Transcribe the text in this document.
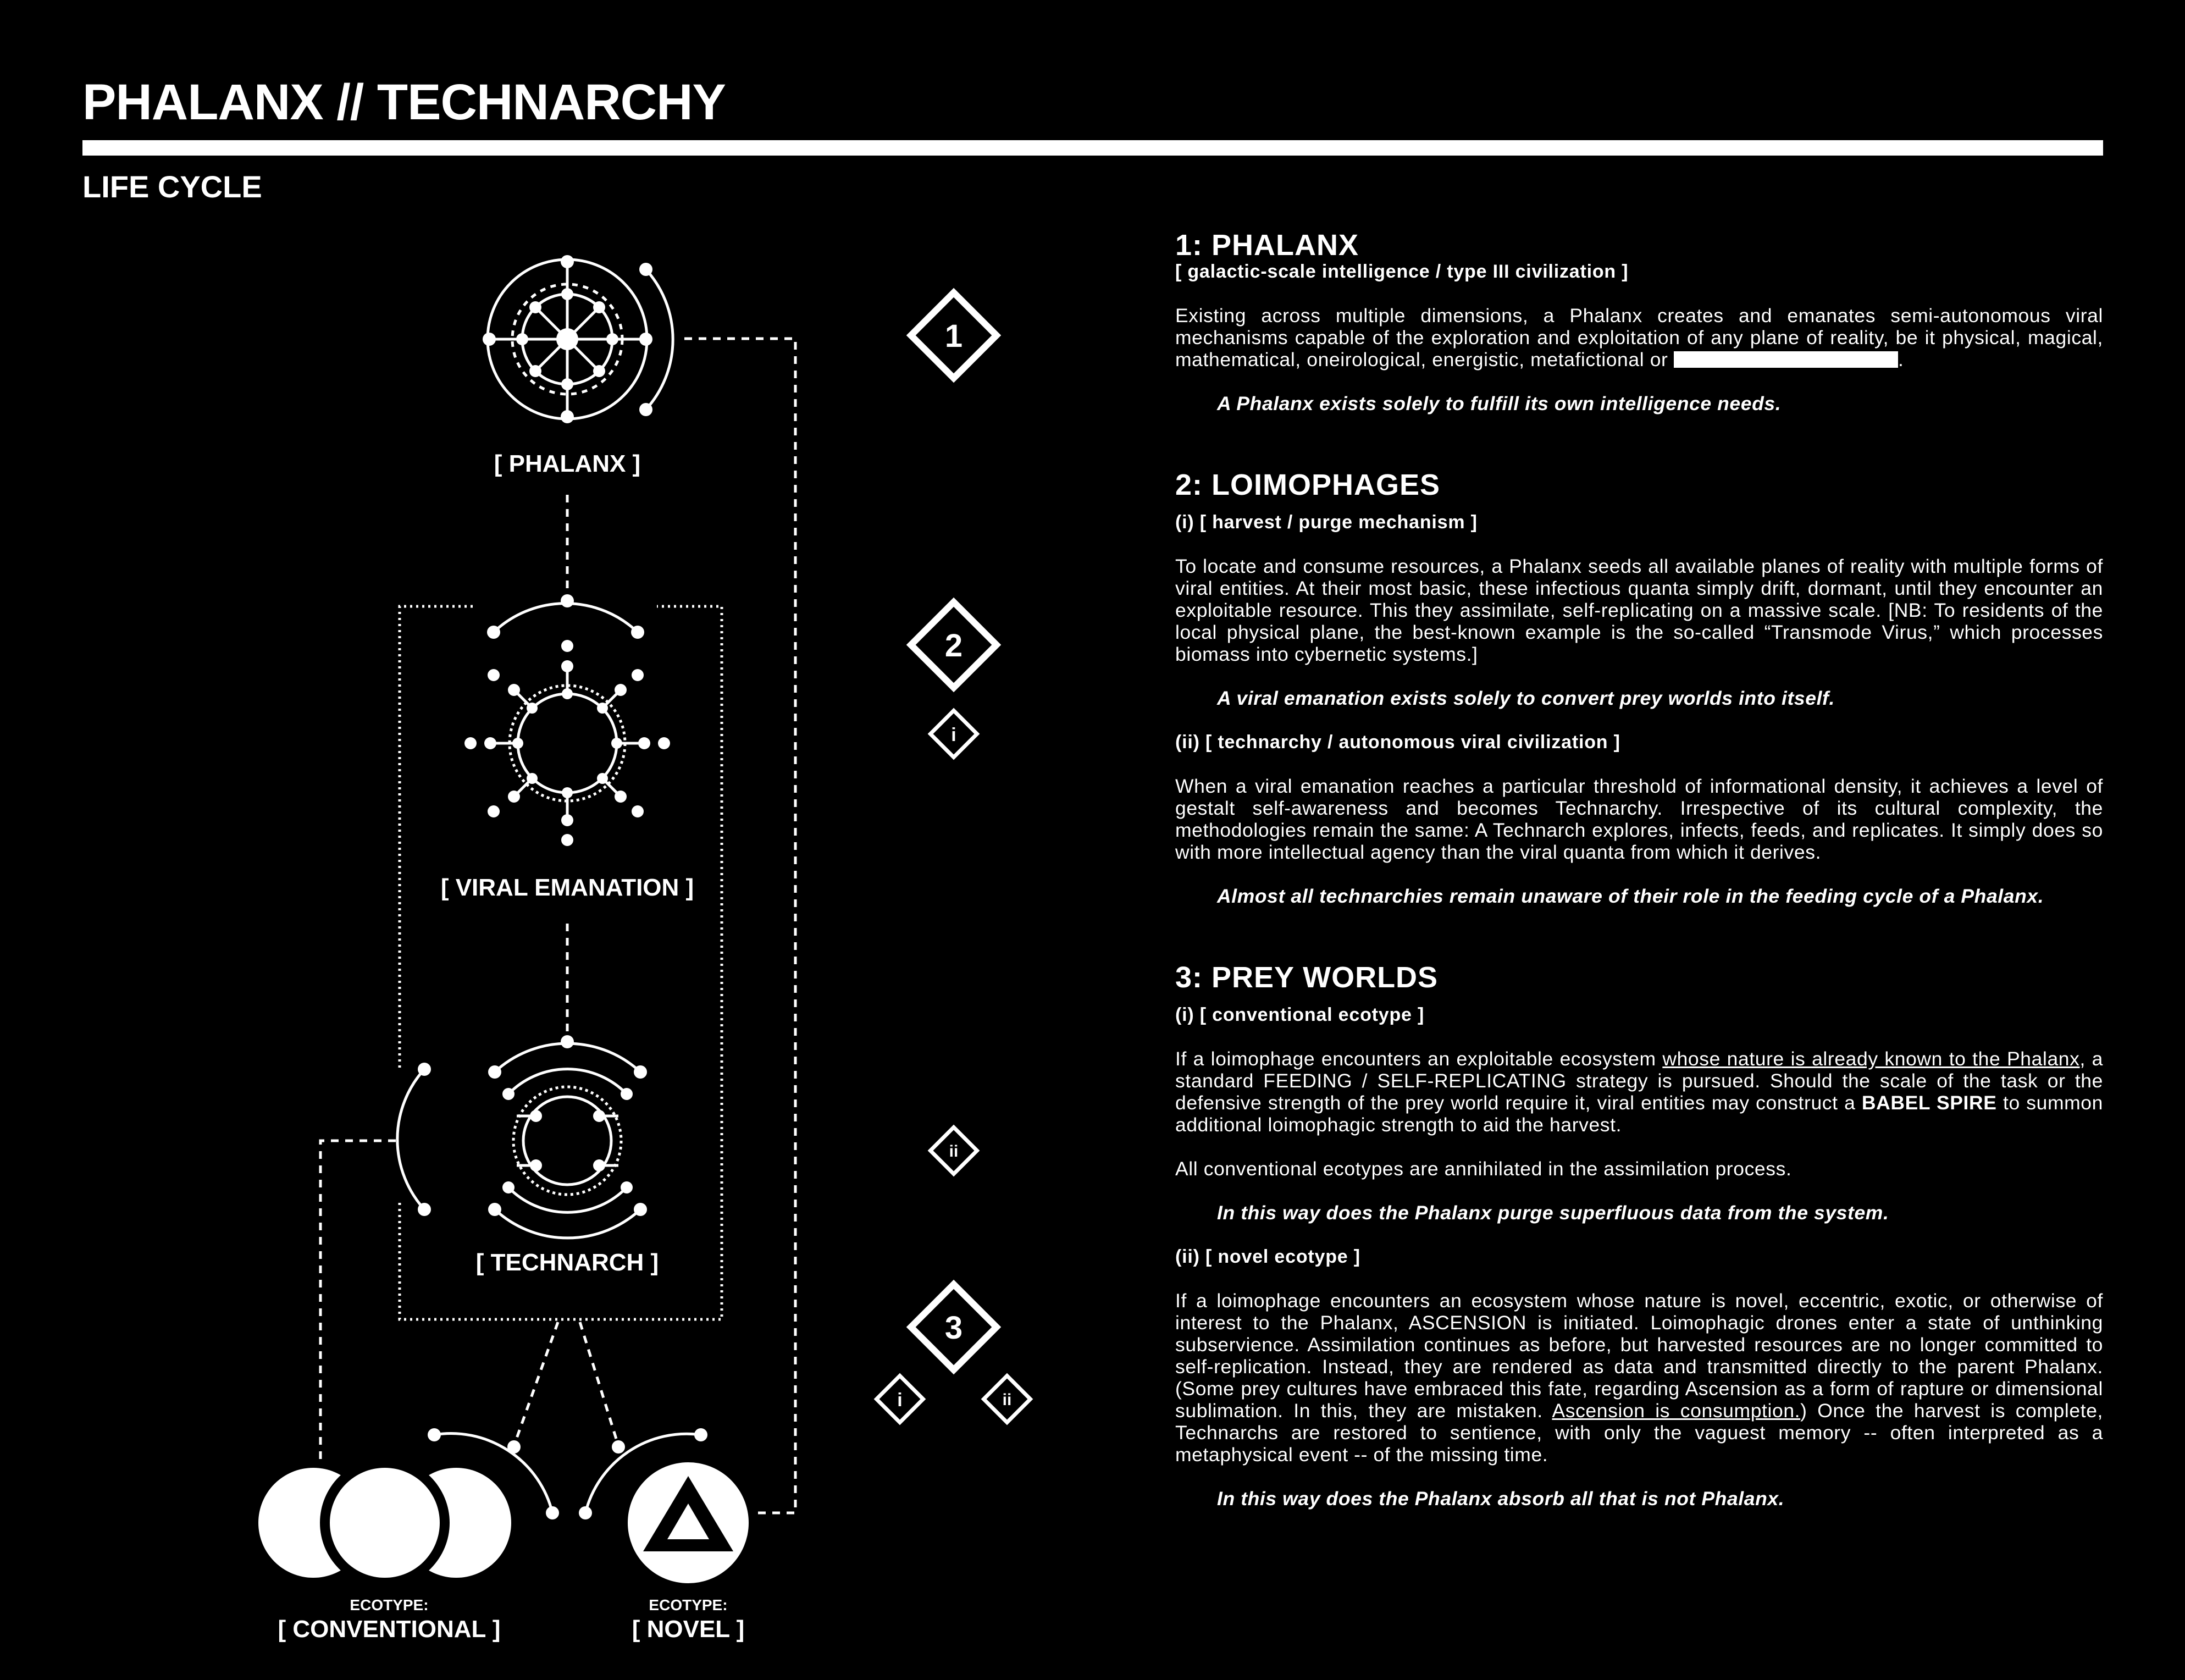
PHALANX // TECHNARCHY
LIFE CYCLE
[ PHALANX ]
[ VIRAL EMANATION ]
[ TECHNARCH ]
ECOTYPE:
[ CONVENTIONAL ]
ECOTYPE:
[ NOVEL ]
1
2
i
ii
3
i	ii
1: PHALANX
[ galactic-scale intelligence / type III civilization ]

Existing across multiple dimensions, a Phalanx creates and emanates semi-autonomous viral mechanisms capable of the exploration and exploitation of any plane of reality, be it physical, magical, mathematical, oneirological, energistic, metafictional or	.

A Phalanx exists solely to fulfill its own intelligence needs.

2: LOIMOPHAGES
(i) [ harvest / purge mechanism ]

To locate and consume resources, a Phalanx seeds all available planes of reality with multiple forms of viral entities. At their most basic, these infectious quanta simply drift, dormant, until they encounter an exploitable resource. This they assimilate, self-replicating on a massive scale. [NB: To residents of the local physical plane, the best-known example is the so-called “Transmode Virus,” which processes biomass into cybernetic systems.]

A viral emanation exists solely to convert prey worlds into itself.

(ii) [ technarchy / autonomous viral civilization ]

When a viral emanation reaches a particular threshold of informational density, it achieves a level of gestalt self-awareness and becomes Technarchy. Irrespective of its cultural complexity, the methodologies remain the same: A Technarch explores, infects, feeds, and replicates. It simply does so with more intellectual agency than the viral quanta from which it derives.

Almost all technarchies remain unaware of their role in the feeding cycle of a Phalanx.

3: PREY WORLDS
(i) [ conventional ecotype ]

If a loimophage encounters an exploitable ecosystem whose nature is already known to the Phalanx, a standard FEEDING / SELF-REPLICATING strategy is pursued. Should the scale of the task or the defensive strength of the prey world require it, viral entities may construct a BABEL SPIRE to summon additional loimophagic strength to aid the harvest.

All conventional ecotypes are annihilated in the assimilation process.

In this way does the Phalanx purge superfluous data from the system.

(ii) [ novel ecotype ]

If a loimophage encounters an ecosystem whose nature is novel, eccentric, exotic, or otherwise of interest to the Phalanx, ASCENSION is initiated. Loimophagic drones enter a state of unthinking subservience. Assimilation continues as before, but harvested resources are no longer committed to self-replication. Instead, they are rendered as data and transmitted directly to the parent Phalanx. (Some prey cultures have embraced this fate, regarding Ascension as a form of rapture or dimensional sublimation. In this, they are mistaken. Ascension is consumption.) Once the harvest is complete, Technarchs are restored to sentience, with only the vaguest memory -- often interpreted as a metaphysical event -- of the missing time.

In this way does the Phalanx absorb all that is not Phalanx.
